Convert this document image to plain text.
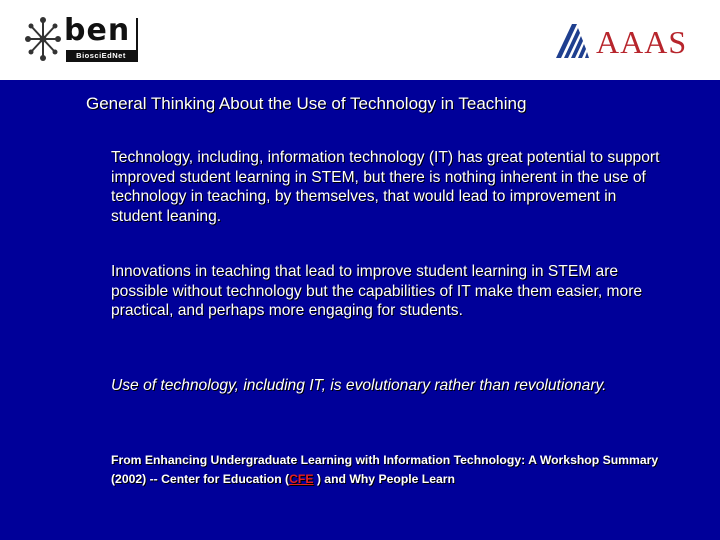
ben
BiosciEdNet	AAAS
General Thinking About the Use of Technology in Teaching

Technology, including, information technology (IT) has great potential to support improved student learning in STEM, but there is nothing inherent in the use of technology in teaching, by themselves, that would lead to improvement in student leaning.

Innovations in teaching that lead to improve student learning in STEM are possible without technology but the capabilities of IT make them easier, more practical, and perhaps more engaging for students.

Use of technology, including IT, is evolutionary rather than revolutionary.

From Enhancing Undergraduate Learning with Information Technology: A Workshop Summary (2002) -- Center for Education (CFE ) and Why People Learn
